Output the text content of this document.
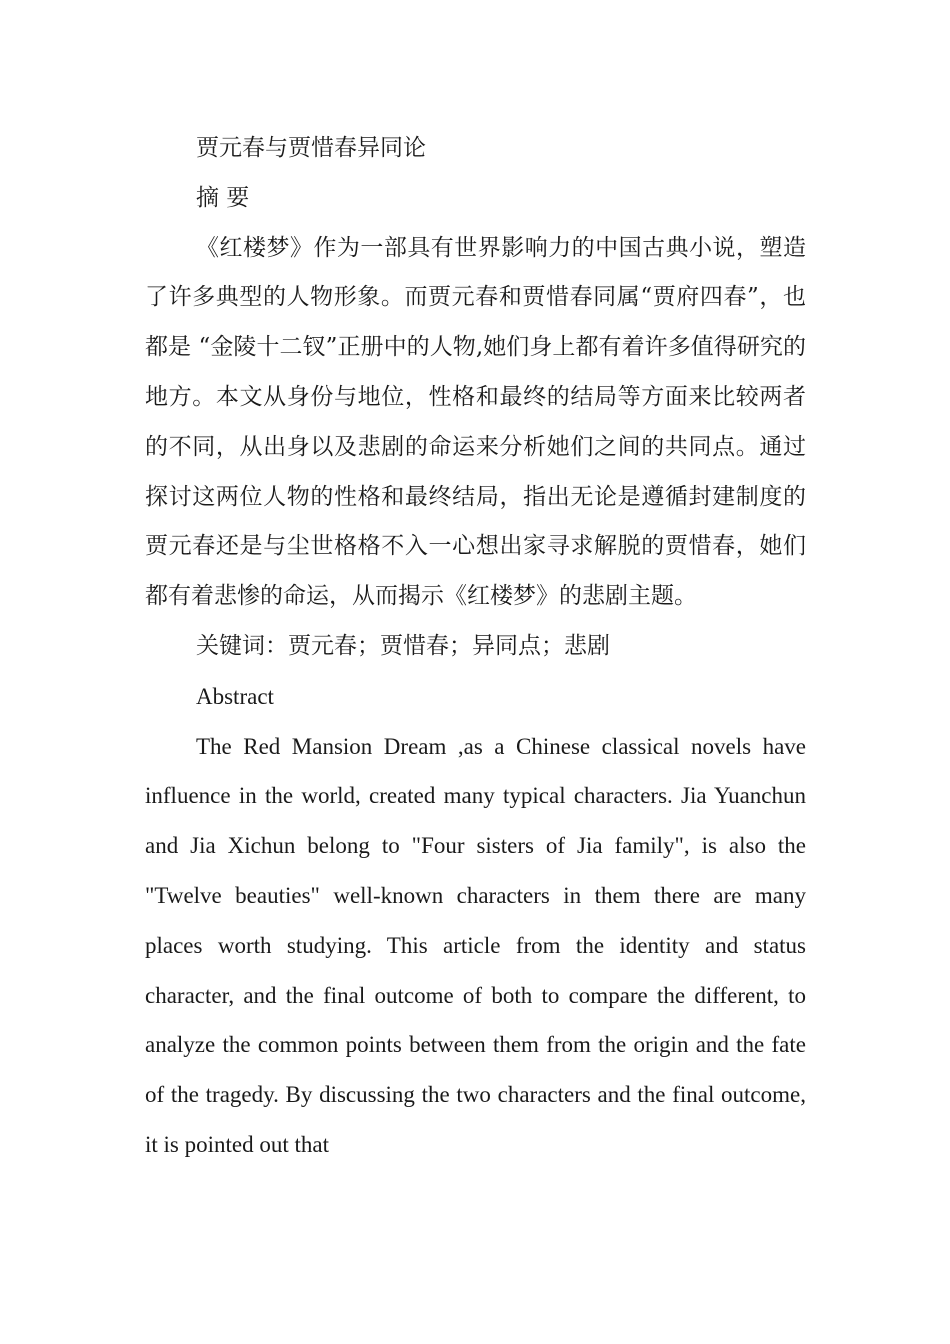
贾元春与贾惜春异同论

摘 要

《红楼梦》作为一部具有世界影响力的中国古典小说，塑造了许多典型的人物形象。而贾元春和贾惜春同属“贾府四春”，也都是 “金陵十二钗”正册中的人物,她们身上都有着许多值得研究的地方。本文从身份与地位，性格和最终的结局等方面来比较两者的不同，从出身以及悲剧的命运来分析她们之间的共同点。通过探讨这两位人物的性格和最终结局，指出无论是遵循封建制度的贾元春还是与尘世格格不入一心想出家寻求解脱的贾惜春，她们都有着悲惨的命运，从而揭示《红楼梦》的悲剧主题。

关键词：贾元春；贾惜春；异同点；悲剧

Abstract

The Red Mansion Dream ,as a Chinese classical novels have influence in the world, created many typical characters. Jia Yuanchun and Jia Xichun belong to "Four sisters of Jia family", is also the "Twelve beauties" well-known characters in them there are many places worth studying. This article from the identity and status character, and the final outcome of both to compare the different, to analyze the common points between them from the origin and the fate of the tragedy. By discussing the two characters and the final outcome, it is pointed out that
